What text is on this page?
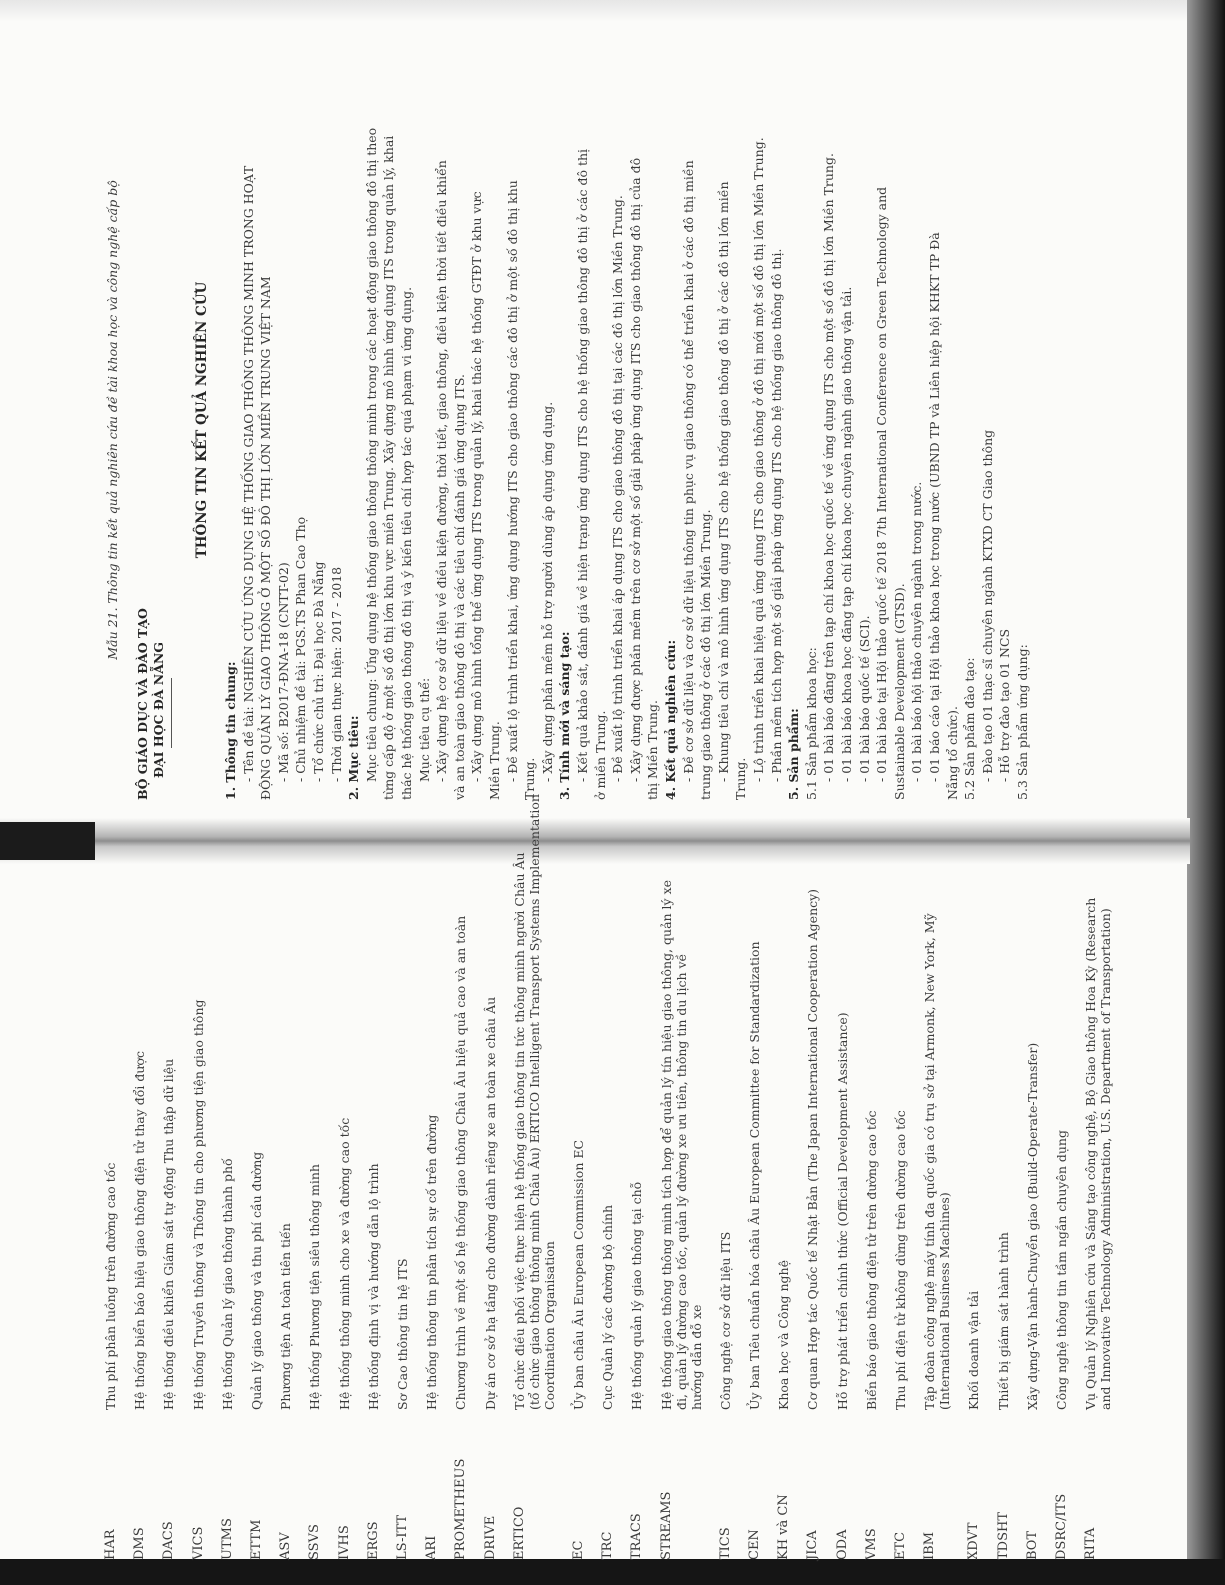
Mẫu 21. Thông tin kết quả nghiên cứu đề tài khoa học và công nghệ cấp bộ
BỘ GIÁO DỤC VÀ ĐÀO TẠO ĐẠI HỌC ĐÀ NẴNG
THÔNG TIN KẾT QUẢ NGHIÊN CỨU
1. Thông tin chung: - Tên đề tài: NGHIÊN CỨU ỨNG DỤNG HỆ THỐNG GIAO THÔNG THÔNG MINH TRONG HOẠT ĐỘNG QUẢN LÝ GIAO THÔNG Ở MỘT SỐ ĐÔ THỊ LỚN MIỀN TRUNG VIỆT NAM - Mã số: B2017-ĐNA-18 (CNTT-02) - Chủ nhiệm đề tài: PGS.TS Phan Cao Thọ - Tổ chức chủ trì: Đại học Đà Nẵng - Thời gian thực hiện: 2017 - 2018 2. Mục tiêu: Mục tiêu chung: Ứng dụng hệ thống giao thông thông minh trong các hoạt động giao thông đô thị theo từng cấp độ ở một số đô thị lớn khu vực miền Trung. Xây dựng mô hình ứng dụng ITS trong quản lý, khai thác hệ thống giao thông đô thị và ý kiến tiêu chí hợp tác quá phạm vi ứng dụng. Mục tiêu cụ thể: - Xây dựng hệ cơ sở dữ liệu về điều kiện đường, thời tiết, giao thông, điều kiện thời tiết điều khiển và an toàn giao thông đô thị và các tiêu chí đánh giá ứng dụng ITS. - Xây dựng mô hình tổng thể ứng dụng ITS trong quản lý, khai thác hệ thống GTĐT ở khu vực Miền Trung. - Đề xuất lộ trình triển khai, ứng dụng hướng ITS cho giao thông các đô thị ở một số đô thị khu Trung. - Xây dựng phần mềm hỗ trợ người dùng áp dụng ứng dụng. 3. Tính mới và sáng tạo: - Kết quả khảo sát, đánh giá về hiện trạng ứng dụng ITS cho hệ thống giao thông đô thị ở các đô thị ở miền Trung. - Đề xuất lộ trình triển khai áp dụng ITS cho giao thông đô thị tại các đô thị lớn Miền Trung. - Xây dựng được phần mềm trên cơ sở một số giải pháp ứng dụng ITS cho giao thông đô thị của đô thị Miền Trung. 4. Kết quả nghiên cứu: - Đề cơ sở dữ liệu và cơ sở dữ liệu thông tin phục vụ giao thông có thể triển khai ở các đô thị miền trung giao thông ở các đô thị lớn Miền Trung. - Khung tiêu chí và mô hình ứng dụng ITS cho hệ thống giao thông đô thị ở các đô thị lớn miền Trung. - Lộ trình triển khai hiệu quả ứng dụng ITS cho giao thông ở đô thị mới một số đô thị lớn Miền Trung. - Phần mềm tích hợp một số giải pháp ứng dụng ITS cho hệ thống giao thông đô thị. 5. Sản phẩm: 5.1 Sản phẩm khoa học: - 01 bài báo đăng trên tạp chí khoa học quốc tế về ứng dụng ITS cho một số đô thị lớn Miền Trung. - 01 bài báo khoa học đăng tạp chí khoa học chuyên ngành giao thông vận tải. - 01 bài báo quốc tế (SCI). - 01 bài báo tại Hội thảo quốc tế 2018 7th International Conference on Green Technology and Sustainable Development (GTSD). - 01 bài báo hội thảo chuyên ngành trong nước. - 01 báo cáo tại Hội thảo khoa học trong nước (UBND TP và Liên hiệp hội KHKT TP Đà Nẵng tổ chức). 5.2 Sản phẩm đào tạo: - Đào tạo 01 thạc sĩ chuyên ngành KTXD CT Giao thông - Hỗ trợ đào tạo 01 NCS 5.3 Sản phẩm ứng dụng:
HAR
Thu phí phân luồng trên đường cao tốc
DMS
Hệ thống biển báo hiệu giao thông điện tử thay đổi được
DACS
Hệ thống điều khiển Giám sát tự động Thu thập dữ liệu
VICS
Hệ thống Truyền thông và Thông tin cho phương tiện giao thông
UTMS
Hệ thống Quản lý giao thông thành phố
ETTM
Quản lý giao thông và thu phí cầu đường
ASV
Phương tiện An toàn tiên tiến
SSVS
Hệ thống Phương tiện siêu thông minh
IVHS
Hệ thống thông minh cho xe và đường cao tốc
ERGS
Hệ thống định vị và hướng dẫn lộ trình
LS-ITT
Sơ Cao thông tin hệ ITS
ARI
Hệ thống thông tin phân tích sự cố trên đường
PROMETHEUS
Chương trình về một số hệ thống giao thông Châu Âu hiệu quả cao và an toàn
DRIVE
Dự án cơ sở hạ tầng cho đường dành riêng xe an toàn xe châu Âu
ERTICO
Tổ chức điều phối việc thực hiện hệ thống giao thông tin tức thông minh người Châu Âu (tổ chức giao thông thông minh Châu Âu) ERTICO Intelligent Transport Systems Implementation Coordination Organisation
EC
Ủy ban châu Âu European Commission EC
TRC
Cục Quản lý các đường bộ chính
TRACS
Hệ thống quản lý giao thông tại chỗ
STREAMS
Hệ thống giao thông thông minh tích hợp để quản lý tín hiệu giao thông, quản lý xe đi, quản lý đường cao tốc, quản lý đường xe ưu tiên, thông tin du lịch về hướng dẫn đỗ xe
TICS
Công nghệ cơ sở dữ liệu ITS
CEN
Ủy ban Tiêu chuẩn hóa châu Âu European Committee for Standardization
KH và CN
Khoa học và Công nghệ
JICA
Cơ quan Hợp tác Quốc tế Nhật Bản (The Japan International Cooperation Agency)
ODA
Hỗ trợ phát triển chính thức (Official Development Assistance)
VMS
Biển báo giao thông điện tử trên đường cao tốc
ETC
Thu phí điện tử không dừng trên đường cao tốc
IBM
Tập đoàn công nghệ máy tính đa quốc gia có trụ sở tại Armonk, New York, Mỹ (International Business Machines)
XDVT
Khối doanh vận tải
TDSHT
Thiết bị giám sát hành trình
BOT
Xây dựng-Vận hành-Chuyển giao (Build-Operate-Transfer)
DSRC/ITS
Công nghệ thông tin tầm ngắn chuyên dụng
RITA
Vụ Quản lý Nghiên cứu và Sáng tạo công nghệ, Bộ Giao thông Hoa Kỳ (Research and Innovative Technology Administration, U.S. Department of Transportation)
